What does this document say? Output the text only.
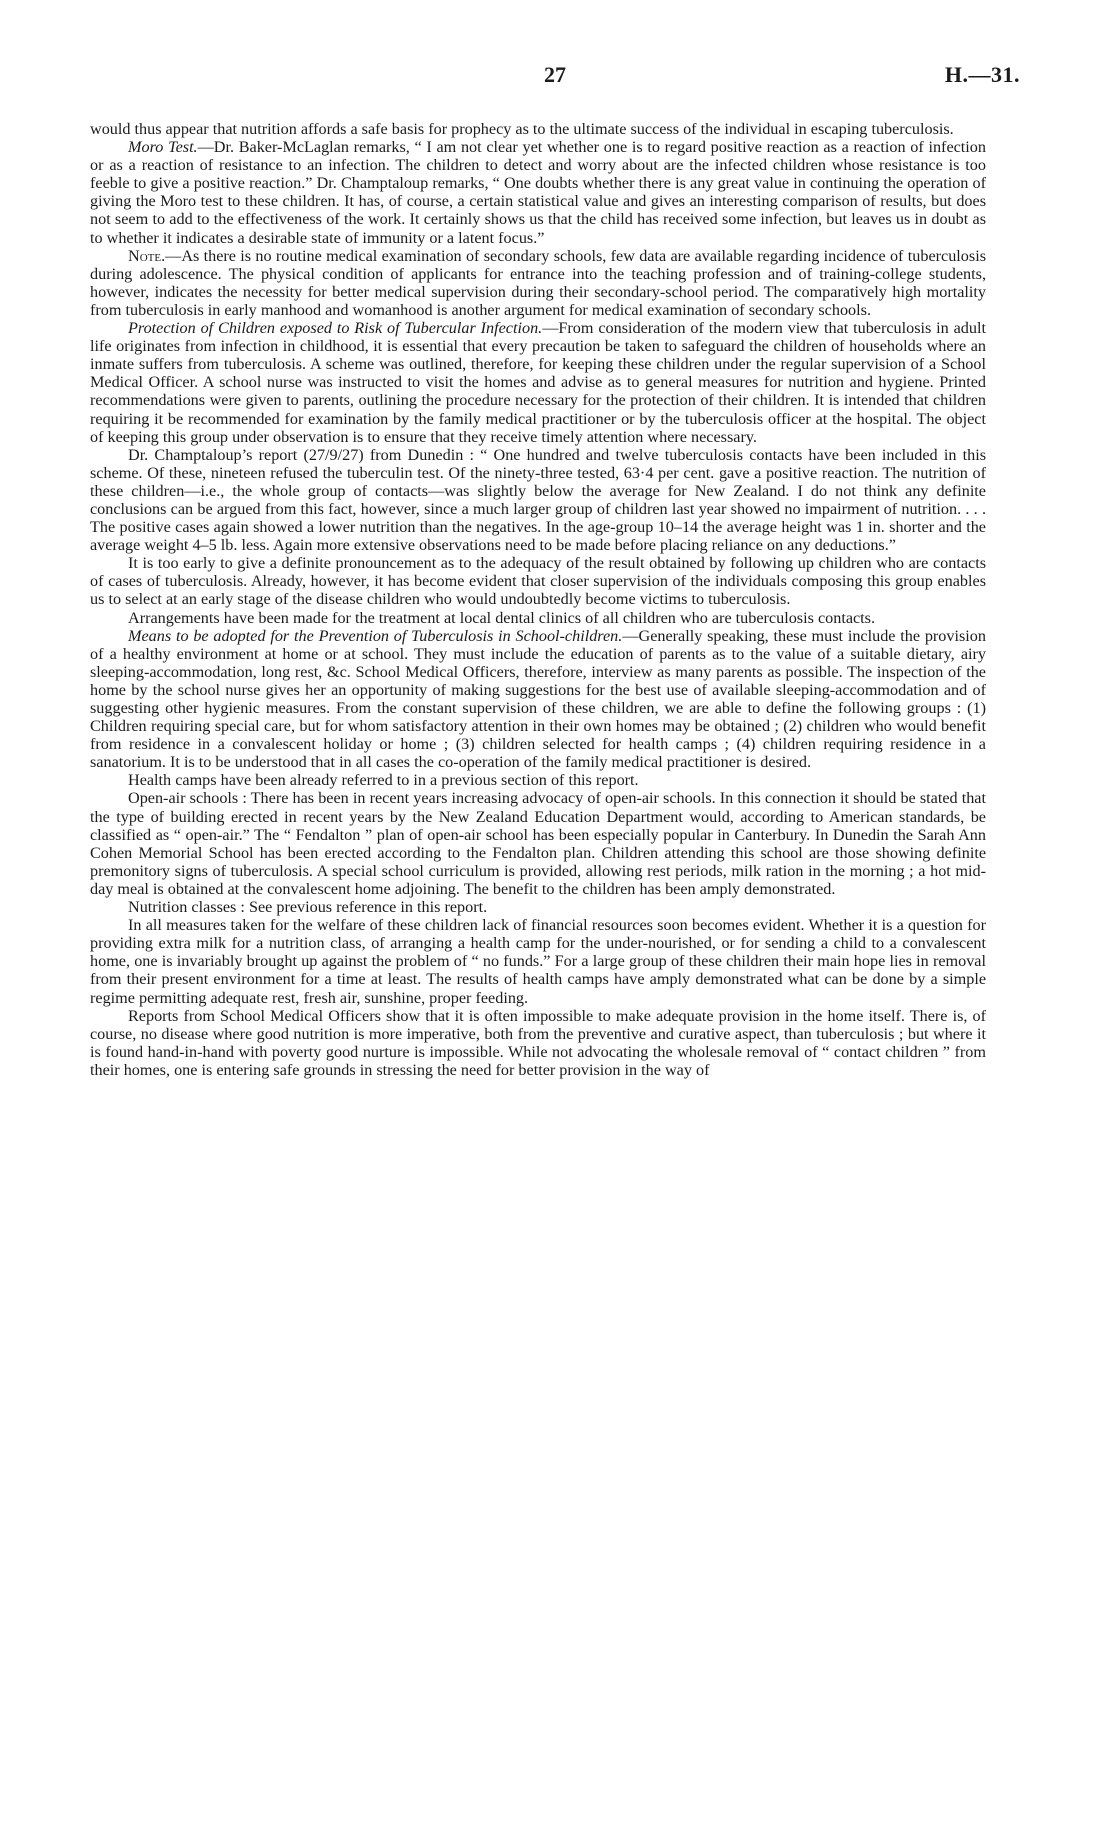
27	H.—31.

would thus appear that nutrition affords a safe basis for prophecy as to the ultimate success of the individual in escaping tuberculosis.

Moro Test.—Dr. Baker-McLaglan remarks, “ I am not clear yet whether one is to regard positive reaction as a reaction of infection or as a reaction of resistance to an infection. The children to detect and worry about are the infected children whose resistance is too feeble to give a positive reaction.” Dr. Champtaloup remarks, “ One doubts whether there is any great value in continuing the operation of giving the Moro test to these children. It has, of course, a certain statistical value and gives an interesting comparison of results, but does not seem to add to the effectiveness of the work. It certainly shows us that the child has received some infection, but leaves us in doubt as to whether it indicates a desirable state of immunity or a latent focus.”

Note.—As there is no routine medical examination of secondary schools, few data are available regarding incidence of tuberculosis during adolescence. The physical condition of applicants for entrance into the teaching profession and of training-college students, however, indicates the necessity for better medical supervision during their secondary-school period. The comparatively high mortality from tuberculosis in early manhood and womanhood is another argument for medical examination of secondary schools.

Protection of Children exposed to Risk of Tubercular Infection.—From consideration of the modern view that tuberculosis in adult life originates from infection in childhood, it is essential that every precaution be taken to safeguard the children of households where an inmate suffers from tuberculosis. A scheme was outlined, therefore, for keeping these children under the regular supervision of a School Medical Officer. A school nurse was instructed to visit the homes and advise as to general measures for nutrition and hygiene. Printed recommendations were given to parents, outlining the procedure necessary for the protection of their children. It is intended that children requiring it be recommended for examination by the family medical practitioner or by the tuberculosis officer at the hospital. The object of keeping this group under observation is to ensure that they receive timely attention where necessary.

Dr. Champtaloup’s report (27/9/27) from Dunedin : “ One hundred and twelve tuberculosis contacts have been included in this scheme. Of these, nineteen refused the tuberculin test. Of the ninety-three tested, 63·4 per cent. gave a positive reaction. The nutrition of these children—i.e., the whole group of contacts—was slightly below the average for New Zealand. I do not think any definite conclusions can be argued from this fact, however, since a much larger group of children last year showed no impairment of nutrition. . . . The positive cases again showed a lower nutrition than the negatives. In the age-group 10–14 the average height was 1 in. shorter and the average weight 4–5 lb. less. Again more extensive observations need to be made before placing reliance on any deductions.”

It is too early to give a definite pronouncement as to the adequacy of the result obtained by following up children who are contacts of cases of tuberculosis. Already, however, it has become evident that closer supervision of the individuals composing this group enables us to select at an early stage of the disease children who would undoubtedly become victims to tuberculosis.

Arrangements have been made for the treatment at local dental clinics of all children who are tuberculosis contacts.

Means to be adopted for the Prevention of Tuberculosis in School-children.—Generally speaking, these must include the provision of a healthy environment at home or at school. They must include the education of parents as to the value of a suitable dietary, airy sleeping-accommodation, long rest, &c. School Medical Officers, therefore, interview as many parents as possible. The inspection of the home by the school nurse gives her an opportunity of making suggestions for the best use of available sleeping-accommodation and of suggesting other hygienic measures. From the constant supervision of these children, we are able to define the following groups : (1) Children requiring special care, but for whom satisfactory attention in their own homes may be obtained ; (2) children who would benefit from residence in a convalescent holiday or home ; (3) children selected for health camps ; (4) children requiring residence in a sanatorium. It is to be understood that in all cases the co-operation of the family medical practitioner is desired.

Health camps have been already referred to in a previous section of this report.

Open-air schools : There has been in recent years increasing advocacy of open-air schools. In this connection it should be stated that the type of building erected in recent years by the New Zealand Education Department would, according to American standards, be classified as “ open-air.” The “ Fendalton ” plan of open-air school has been especially popular in Canterbury. In Dunedin the Sarah Ann Cohen Memorial School has been erected according to the Fendalton plan. Children attending this school are those showing definite premonitory signs of tuberculosis. A special school curriculum is provided, allowing rest periods, milk ration in the morning ; a hot mid-day meal is obtained at the convalescent home adjoining. The benefit to the children has been amply demonstrated.

Nutrition classes : See previous reference in this report.

In all measures taken for the welfare of these children lack of financial resources soon becomes evident. Whether it is a question for providing extra milk for a nutrition class, of arranging a health camp for the under-nourished, or for sending a child to a convalescent home, one is invariably brought up against the problem of “ no funds.” For a large group of these children their main hope lies in removal from their present environment for a time at least. The results of health camps have amply demonstrated what can be done by a simple regime permitting adequate rest, fresh air, sunshine, proper feeding.

Reports from School Medical Officers show that it is often impossible to make adequate provision in the home itself. There is, of course, no disease where good nutrition is more imperative, both from the preventive and curative aspect, than tuberculosis ; but where it is found hand-in-hand with poverty good nurture is impossible. While not advocating the wholesale removal of “ contact children ” from their homes, one is entering safe grounds in stressing the need for better provision in the way of
